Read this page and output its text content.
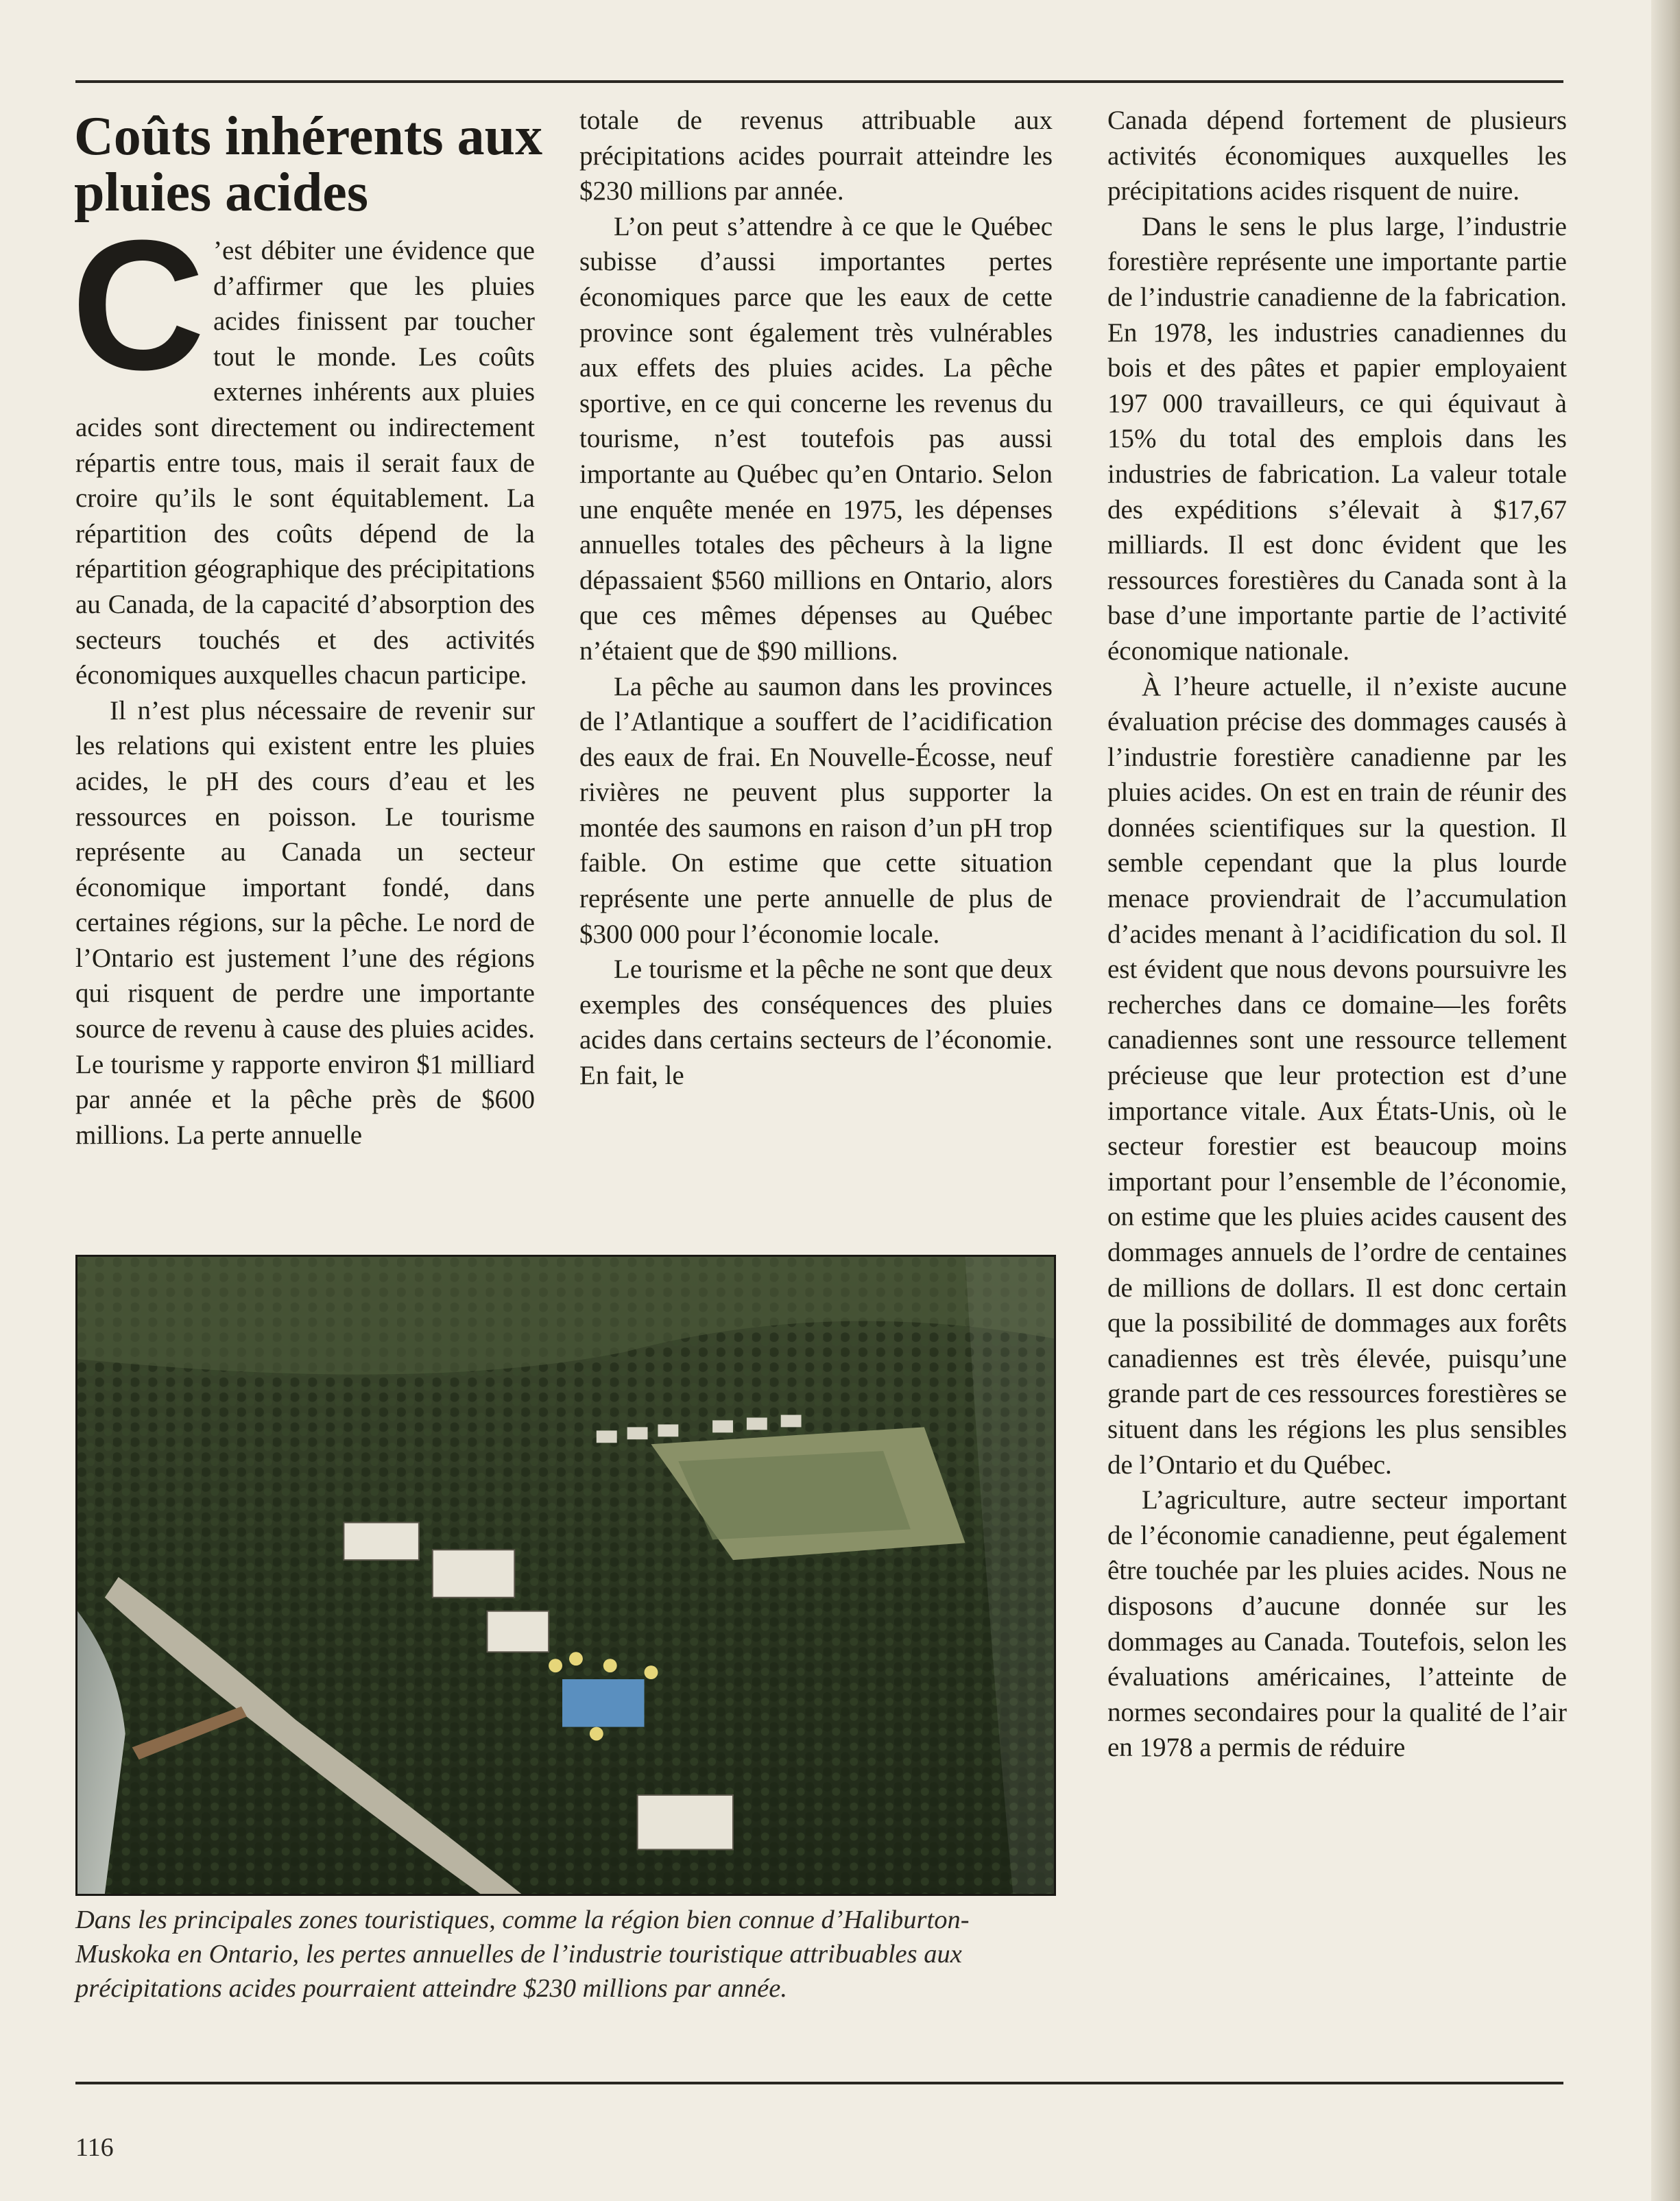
Coûts inhérents aux pluies acides

C ’est débiter une évidence que d’affirmer que les pluies acides finissent par toucher tout le monde. Les coûts externes inhérents aux pluies acides sont directement ou indirectement répartis entre tous, mais il serait faux de croire qu’ils le sont équitablement. La répartition des coûts dépend de la répartition géographique des précipitations au Canada, de la capacité d’absorption des secteurs touchés et des activités économiques auxquelles chacun participe.

Il n’est plus nécessaire de revenir sur les relations qui existent entre les pluies acides, le pH des cours d’eau et les ressources en poisson. Le tourisme représente au Canada un secteur économique important fondé, dans certaines régions, sur la pêche. Le nord de l’Ontario est justement l’une des régions qui risquent de perdre une importante source de revenu à cause des pluies acides. Le tourisme y rapporte environ $1 milliard par année et la pêche près de $600 millions. La perte annuelle

totale de revenus attribuable aux précipitations acides pourrait atteindre les $230 millions par année.

L’on peut s’attendre à ce que le Québec subisse d’aussi importantes pertes économiques parce que les eaux de cette province sont également très vulnérables aux effets des pluies acides. La pêche sportive, en ce qui concerne les revenus du tourisme, n’est toutefois pas aussi importante au Québec qu’en Ontario. Selon une enquête menée en 1975, les dépenses annuelles totales des pêcheurs à la ligne dépassaient $560 millions en Ontario, alors que ces mêmes dépenses au Québec n’étaient que de $90 millions.

La pêche au saumon dans les provinces de l’Atlantique a souffert de l’acidification des eaux de frai. En Nouvelle-Écosse, neuf rivières ne peuvent plus supporter la montée des saumons en raison d’un pH trop faible. On estime que cette situation représente une perte annuelle de plus de $300 000 pour l’économie locale.

Le tourisme et la pêche ne sont que deux exemples des conséquences des pluies acides dans certains secteurs de l’économie. En fait, le

Canada dépend fortement de plusieurs activités économiques auxquelles les précipitations acides risquent de nuire.

Dans le sens le plus large, l’industrie forestière représente une importante partie de l’industrie canadienne de la fabrication. En 1978, les industries canadiennes du bois et des pâtes et papier employaient 197 000 travailleurs, ce qui équivaut à 15% du total des emplois dans les industries de fabrication. La valeur totale des expéditions s’élevait à $17,67 milliards. Il est donc évident que les ressources forestières du Canada sont à la base d’une importante partie de l’activité économique nationale.

À l’heure actuelle, il n’existe aucune évaluation précise des dommages causés à l’industrie forestière canadienne par les pluies acides. On est en train de réunir des données scientifiques sur la question. Il semble cependant que la plus lourde menace proviendrait de l’accumulation d’acides menant à l’acidification du sol. Il est évident que nous devons poursuivre les recherches dans ce domaine—les forêts canadiennes sont une ressource tellement précieuse que leur protection est d’une importance vitale. Aux États-Unis, où le secteur forestier est beaucoup moins important pour l’ensemble de l’économie, on estime que les pluies acides causent des dommages annuels de l’ordre de centaines de millions de dollars. Il est donc certain que la possibilité de dommages aux forêts canadiennes est très élevée, puisqu’une grande part de ces ressources forestières se situent dans les régions les plus sensibles de l’Ontario et du Québec.

L’agriculture, autre secteur important de l’économie canadienne, peut également être touchée par les pluies acides. Nous ne disposons d’aucune donnée sur les dommages au Canada. Toutefois, selon les évaluations américaines, l’atteinte de normes secondaires pour la qualité de l’air en 1978 a permis de réduire

Dans les principales zones touristiques, comme la région bien connue d’Haliburton-Muskoka en Ontario, les pertes annuelles de l’industrie touristique attribuables aux précipitations acides pourraient atteindre $230 millions par année.
116
